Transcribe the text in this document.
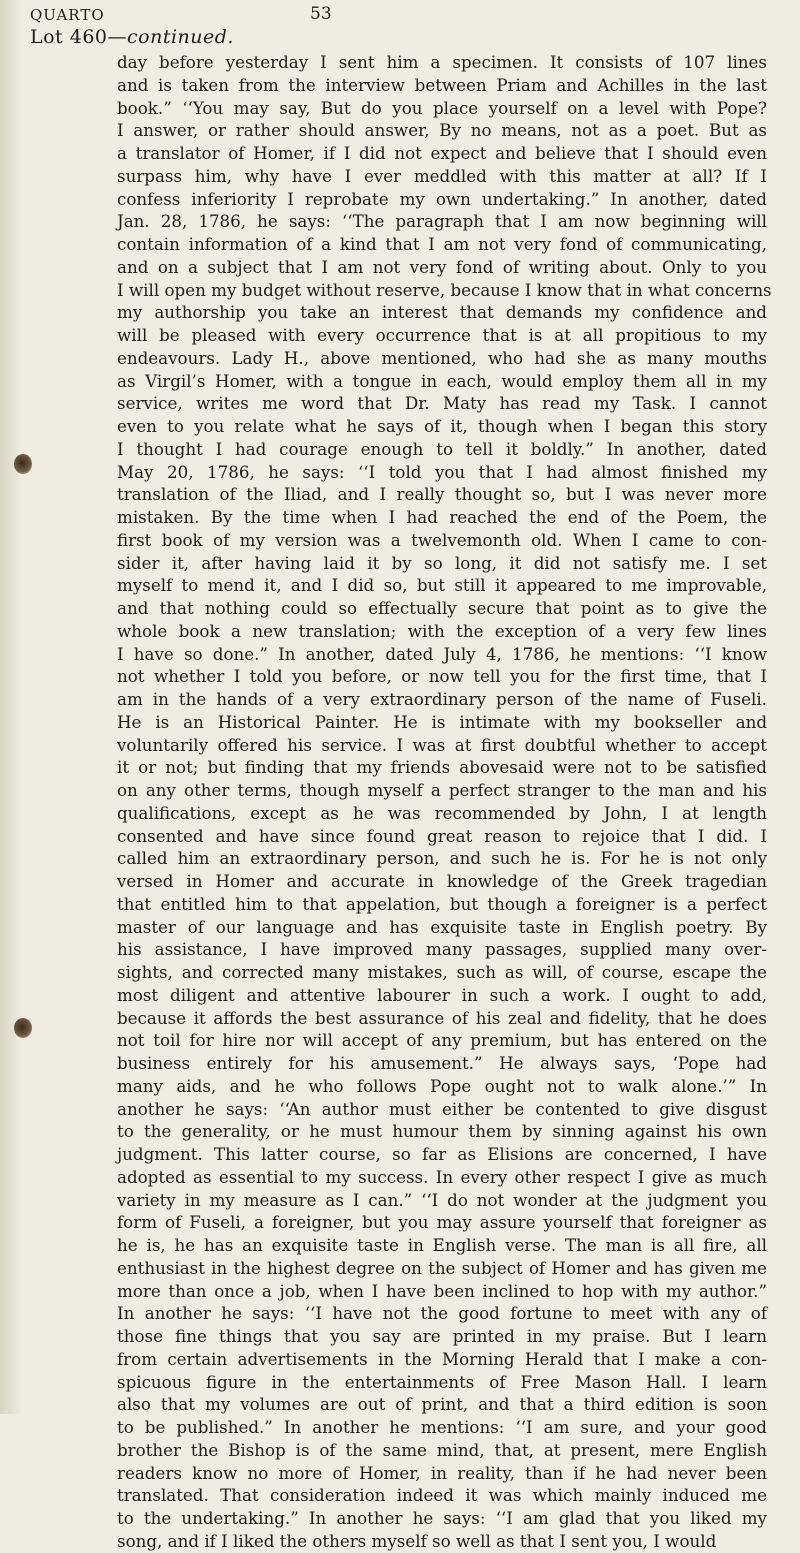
QUARTO	53
Lot 460—continued.
day before yesterday I sent him a specimen. It consists of 107 lines
and is taken from the interview between Priam and Achilles in the last
book.” ‘‘You may say, But do you place yourself on a level with Pope?
I answer, or rather should answer, By no means, not as a poet. But as
a translator of Homer, if I did not expect and believe that I should even
surpass him, why have I ever meddled with this matter at all? If I
confess inferiority I reprobate my own undertaking.” In another, dated
Jan. 28, 1786, he says: ‘‘The paragraph that I am now beginning will
contain information of a kind that I am not very fond of communicating,
and on a subject that I am not very fond of writing about. Only to you
I will open my budget without reserve, because I know that in what concerns
my authorship you take an interest that demands my confidence and
will be pleased with every occurrence that is at all propitious to my
endeavours. Lady H., above mentioned, who had she as many mouths
as Virgil’s Homer, with a tongue in each, would employ them all in my
service, writes me word that Dr. Maty has read my Task. I cannot
even to you relate what he says of it, though when I began this story
I thought I had courage enough to tell it boldly.” In another, dated
May 20, 1786, he says: ‘‘I told you that I had almost finished my
translation of the Iliad, and I really thought so, but I was never more
mistaken. By the time when I had reached the end of the Poem, the
first book of my version was a twelvemonth old. When I came to con-
sider it, after having laid it by so long, it did not satisfy me. I set
myself to mend it, and I did so, but still it appeared to me improvable,
and that nothing could so effectually secure that point as to give the
whole book a new translation; with the exception of a very few lines
I have so done.” In another, dated July 4, 1786, he mentions: ‘‘I know
not whether I told you before, or now tell you for the first time, that I
am in the hands of a very extraordinary person of the name of Fuseli.
He is an Historical Painter. He is intimate with my bookseller and
voluntarily offered his service. I was at first doubtful whether to accept
it or not; but finding that my friends abovesaid were not to be satisfied
on any other terms, though myself a perfect stranger to the man and his
qualifications, except as he was recommended by John, I at length
consented and have since found great reason to rejoice that I did. I
called him an extraordinary person, and such he is. For he is not only
versed in Homer and accurate in knowledge of the Greek tragedian
that entitled him to that appelation, but though a foreigner is a perfect
master of our language and has exquisite taste in English poetry. By
his assistance, I have improved many passages, supplied many over-
sights, and corrected many mistakes, such as will, of course, escape the
most diligent and attentive labourer in such a work. I ought to add,
because it affords the best assurance of his zeal and fidelity, that he does
not toil for hire nor will accept of any premium, but has entered on the
business entirely for his amusement.” He always says, ‘Pope had
many aids, and he who follows Pope ought not to walk alone.’” In
another he says: ‘‘An author must either be contented to give disgust
to the generality, or he must humour them by sinning against his own
judgment. This latter course, so far as Elisions are concerned, I have
adopted as essential to my success. In every other respect I give as much
variety in my measure as I can.” ‘‘I do not wonder at the judgment you
form of Fuseli, a foreigner, but you may assure yourself that foreigner as
he is, he has an exquisite taste in English verse. The man is all fire, all
enthusiast in the highest degree on the subject of Homer and has given me
more than once a job, when I have been inclined to hop with my author.”
In another he says: ‘‘I have not the good fortune to meet with any of
those fine things that you say are printed in my praise. But I learn
from certain advertisements in the Morning Herald that I make a con-
spicuous figure in the entertainments of Free Mason Hall. I learn
also that my volumes are out of print, and that a third edition is soon
to be published.” In another he mentions: ‘‘I am sure, and your good
brother the Bishop is of the same mind, that, at present, mere English
readers know no more of Homer, in reality, than if he had never been
translated. That consideration indeed it was which mainly induced me
to the undertaking.” In another he says: ‘‘I am glad that you liked my
song, and if I liked the others myself so well as that I sent you, I would
